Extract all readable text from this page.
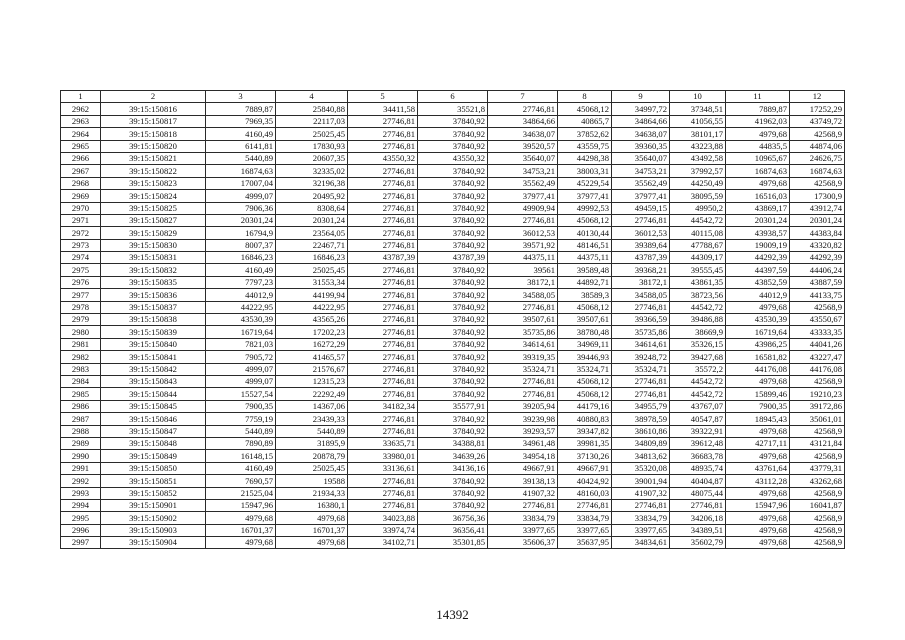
1	2	3	4	5	6	7	8	9	10	11	12
2962	39:15:150816	7889,87	25840,88	34411,58	35521,8	27746,81	45068,12	34997,72	37348,51	7889,87	17252,29
2963	39:15:150817	7969,35	22117,03	27746,81	37840,92	34864,66	40865,7	34864,66	41056,55	41962,03	43749,72
2964	39:15:150818	4160,49	25025,45	27746,81	37840,92	34638,07	37852,62	34638,07	38101,17	4979,68	42568,9
2965	39:15:150820	6141,81	17830,93	27746,81	37840,92	39520,57	43559,75	39360,35	43223,88	44835,5	44874,06
2966	39:15:150821	5440,89	20607,35	43550,32	43550,32	35640,07	44298,38	35640,07	43492,58	10965,67	24626,75
2967	39:15:150822	16874,63	32335,02	27746,81	37840,92	34753,21	38003,31	34753,21	37992,57	16874,63	16874,63
2968	39:15:150823	17007,04	32196,38	27746,81	37840,92	35562,49	45229,54	35562,49	44250,49	4979,68	42568,9
2969	39:15:150824	4999,07	20495,92	27746,81	37840,92	37977,41	37977,41	37977,41	38095,59	16516,03	17300,9
2970	39:15:150825	7906,36	8308,64	27746,81	37840,92	49909,94	49992,53	49459,15	49950,2	43869,17	43912,74
2971	39:15:150827	20301,24	20301,24	27746,81	37840,92	27746,81	45068,12	27746,81	44542,72	20301,24	20301,24
2972	39:15:150829	16794,9	23564,05	27746,81	37840,92	36012,53	40130,44	36012,53	40115,08	43938,57	44383,84
2973	39:15:150830	8007,37	22467,71	27746,81	37840,92	39571,92	48146,51	39389,64	47788,67	19009,19	43320,82
2974	39:15:150831	16846,23	16846,23	43787,39	43787,39	44375,11	44375,11	43787,39	44309,17	44292,39	44292,39
2975	39:15:150832	4160,49	25025,45	27746,81	37840,92	39561	39589,48	39368,21	39555,45	44397,59	44406,24
2976	39:15:150835	7797,23	31553,34	27746,81	37840,92	38172,1	44892,71	38172,1	43861,35	43852,59	43887,59
2977	39:15:150836	44012,9	44199,94	27746,81	37840,92	34588,05	38589,3	34588,05	38723,56	44012,9	44133,75
2978	39:15:150837	44222,95	44222,95	27746,81	37840,92	27746,81	45068,12	27746,81	44542,72	4979,68	42568,9
2979	39:15:150838	43530,39	43565,26	27746,81	37840,92	39507,61	39507,61	39366,59	39486,88	43530,39	43550,67
2980	39:15:150839	16719,64	17202,23	27746,81	37840,92	35735,86	38780,48	35735,86	38669,9	16719,64	43333,35
2981	39:15:150840	7821,03	16272,29	27746,81	37840,92	34614,61	34969,11	34614,61	35326,15	43986,25	44041,26
2982	39:15:150841	7905,72	41465,57	27746,81	37840,92	39319,35	39446,93	39248,72	39427,68	16581,82	43227,47
2983	39:15:150842	4999,07	21576,67	27746,81	37840,92	35324,71	35324,71	35324,71	35572,2	44176,08	44176,08
2984	39:15:150843	4999,07	12315,23	27746,81	37840,92	27746,81	45068,12	27746,81	44542,72	4979,68	42568,9
2985	39:15:150844	15527,54	22292,49	27746,81	37840,92	27746,81	45068,12	27746,81	44542,72	15899,46	19210,23
2986	39:15:150845	7900,35	14367,06	34182,34	35577,91	39205,94	44179,16	34955,79	43767,07	7900,35	39172,86
2987	39:15:150846	7759,19	23439,33	27746,81	37840,92	39239,98	40880,83	38978,59	40547,87	18945,43	35061,01
2988	39:15:150847	5440,89	5440,89	27746,81	37840,92	39293,57	39347,82	38610,86	39322,91	4979,68	42568,9
2989	39:15:150848	7890,89	31895,9	33635,71	34388,81	34961,48	39981,35	34809,89	39612,48	42717,11	43121,84
2990	39:15:150849	16148,15	20878,79	33980,01	34639,26	34954,18	37130,26	34813,62	36683,78	4979,68	42568,9
2991	39:15:150850	4160,49	25025,45	33136,61	34136,16	49667,91	49667,91	35320,08	48935,74	43761,64	43779,31
2992	39:15:150851	7690,57	19588	27746,81	37840,92	39138,13	40424,92	39001,94	40404,87	43112,28	43262,68
2993	39:15:150852	21525,04	21934,33	27746,81	37840,92	41907,32	48160,03	41907,32	48075,44	4979,68	42568,9
2994	39:15:150901	15947,96	16380,1	27746,81	37840,92	27746,81	27746,81	27746,81	27746,81	15947,96	16041,87
2995	39:15:150902	4979,68	4979,68	34023,88	36756,36	33834,79	33834,79	33834,79	34206,18	4979,68	42568,9
2996	39:15:150903	16701,37	16701,37	33974,74	36356,41	33977,65	33977,65	33977,65	34389,51	4979,68	42568,9
2997	39:15:150904	4979,68	4979,68	34102,71	35301,85	35606,37	35637,95	34834,61	35602,79	4979,68	42568,9
14392
